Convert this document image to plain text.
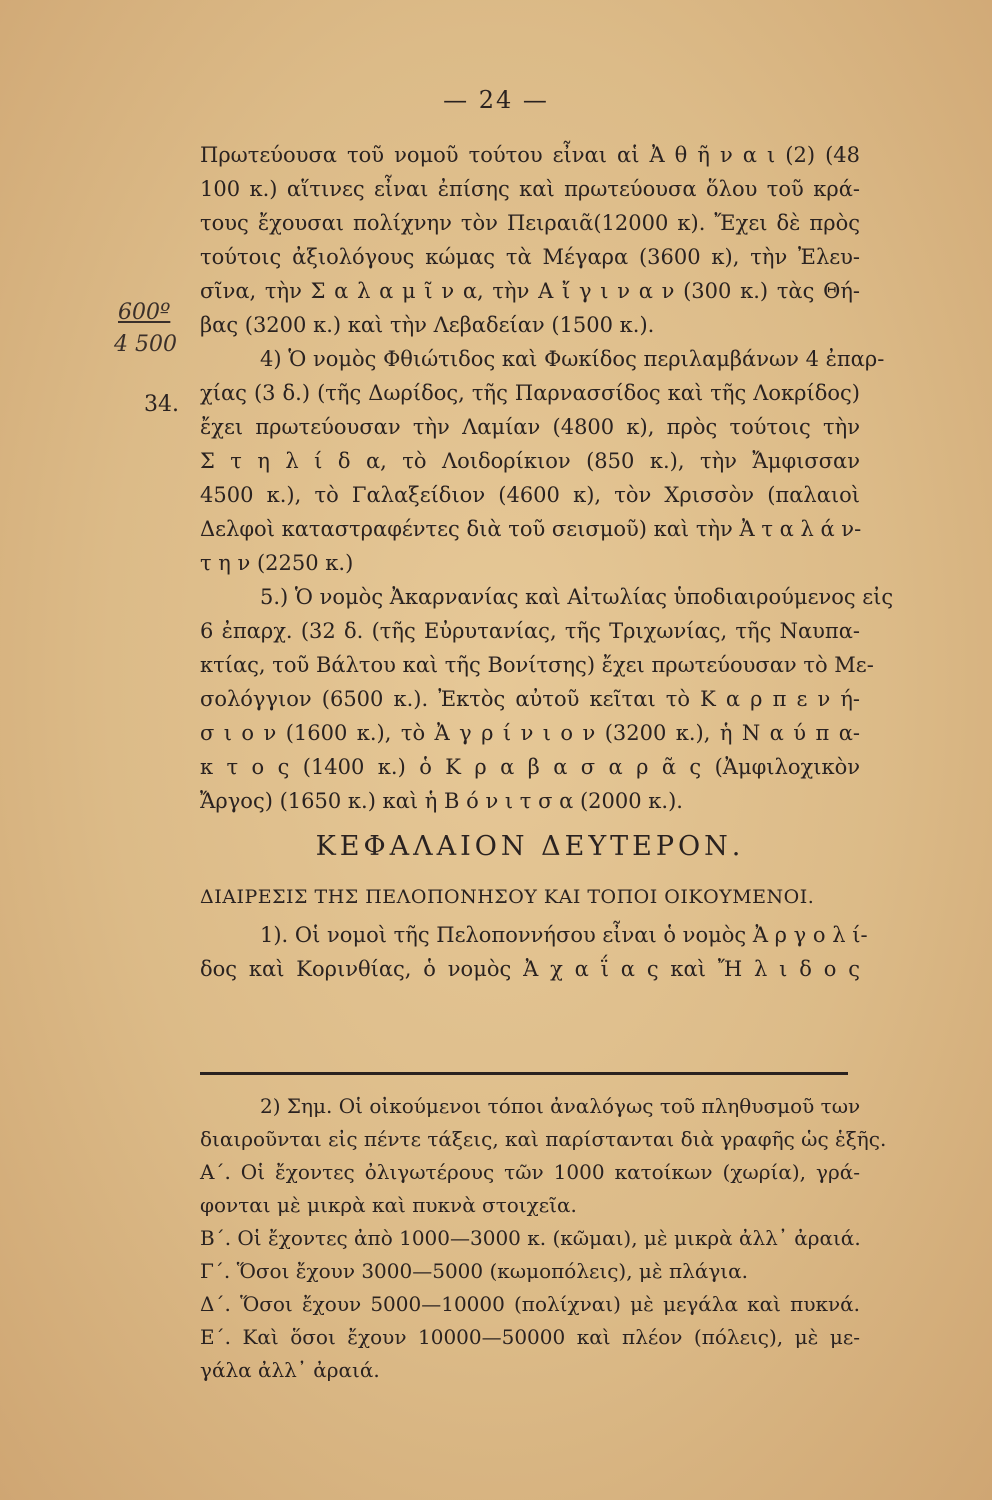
— 24 —
600º
4 500
34.
Πρωτεύουσα τοῦ νομοῦ τούτου εἶναι αἱ Ἀ θ ῆ ν α ι (2) (48
100 κ.) αἵτινες εἶναι ἐπίσης καὶ πρωτεύουσα ὅλου τοῦ κρά-
τους ἔχουσαι πολίχνην τὸν Πειραιᾶ(12000 κ). Ἔχει δὲ πρὸς
τούτοις ἀξιολόγους κώμας τὰ Μέγαρα (3600 κ), τὴν Ἐλευ-
σῖνα, τὴν Σ α λ α μ ῖ ν α, τὴν Α ἴ γ ι ν α ν (300 κ.) τὰς Θή-
βας (3200 κ.) καὶ τὴν Λεβαδείαν (1500 κ.).
4) Ὁ νομὸς Φθιώτιδος καὶ Φωκίδος περιλαμβάνων 4 ἐπαρ-
χίας (3 δ.) (τῆς Δωρίδος, τῆς Παρνασσίδος καὶ τῆς Λοκρίδος)
ἔχει πρωτεύουσαν τὴν Λαμίαν (4800 κ), πρὸς τούτοις τὴν
Σ τ η λ ί δ α, τὸ Λοιδορίκιον (850 κ.), τὴν Ἄμφισσαν
4500 κ.), τὸ Γαλαξείδιον (4600 κ), τὸν Χρισσὸν (παλαιοὶ
Δελφοὶ καταστραφέντες διὰ τοῦ σεισμοῦ) καὶ τὴν Ἀ τ α λ ά ν-
τ η ν (2250 κ.)
5.) Ὁ νομὸς Ἀκαρνανίας καὶ Αἰτωλίας ὑποδιαιρούμενος εἰς
6 ἐπαρχ. (32 δ. (τῆς Εὐρυτανίας, τῆς Τριχωνίας, τῆς Ναυπα-
κτίας, τοῦ Βάλτου καὶ τῆς Βονίτσης) ἔχει πρωτεύουσαν τὸ Με-
σολόγγιον (6500 κ.). Ἐκτὸς αὐτοῦ κεῖται τὸ Κ α ρ π ε ν ή-
σ ι ο ν (1600 κ.), τὸ Ἀ γ ρ ί ν ι ο ν (3200 κ.), ἡ Ν α ύ π α-
κ τ ο ς (1400 κ.) ὁ Κ ρ α β α σ α ρ ᾶ ς (Ἀμφιλοχικὸν
Ἄργος) (1650 κ.) καὶ ἡ Β ό ν ι τ σ α (2000 κ.).
ΚΕΦΑΛΑΙΟΝ ΔΕΥΤΕΡΟΝ.
ΔΙΑΙΡΕΣΙΣ ΤΗΣ ΠΕΛΟΠΟΝΗΣΟΥ ΚΑΙ ΤΟΠΟΙ ΟΙΚΟΥΜΕΝΟΙ.
1). Οἱ νομοὶ τῆς Πελοποννήσου εἶναι ὁ νομὸς Ἀ ρ γ ο λ ί-
δος καὶ Κορινθίας, ὁ νομὸς Ἀ χ α ΐ α ς καὶ Ἤ λ ι δ ο ς
2) Σημ. Οἱ οἰκούμενοι τόποι ἀναλόγως τοῦ πληθυσμοῦ των
διαιροῦνται εἰς πέντε τάξεις, καὶ παρίστανται διὰ γραφῆς ὡς ἑξῆς.
Α΄. Οἱ ἔχοντες ὀλιγωτέρους τῶν 1000 κατοίκων (χωρία), γρά-
φονται μὲ μικρὰ καὶ πυκνὰ στοιχεῖα.
Β΄. Οἱ ἔχοντες ἀπὸ 1000—3000 κ. (κῶμαι), μὲ μικρὰ ἀλλ᾽ ἀραιά.
Γ΄. Ὅσοι ἔχουν 3000—5000 (κωμοπόλεις), μὲ πλάγια.
Δ΄. Ὅσοι ἔχουν 5000—10000 (πολίχναι) μὲ μεγάλα καὶ πυκνά.
Ε΄. Καὶ ὅσοι ἔχουν 10000—50000 καὶ πλέον (πόλεις), μὲ με-
γάλα ἀλλ᾽ ἀραιά.
